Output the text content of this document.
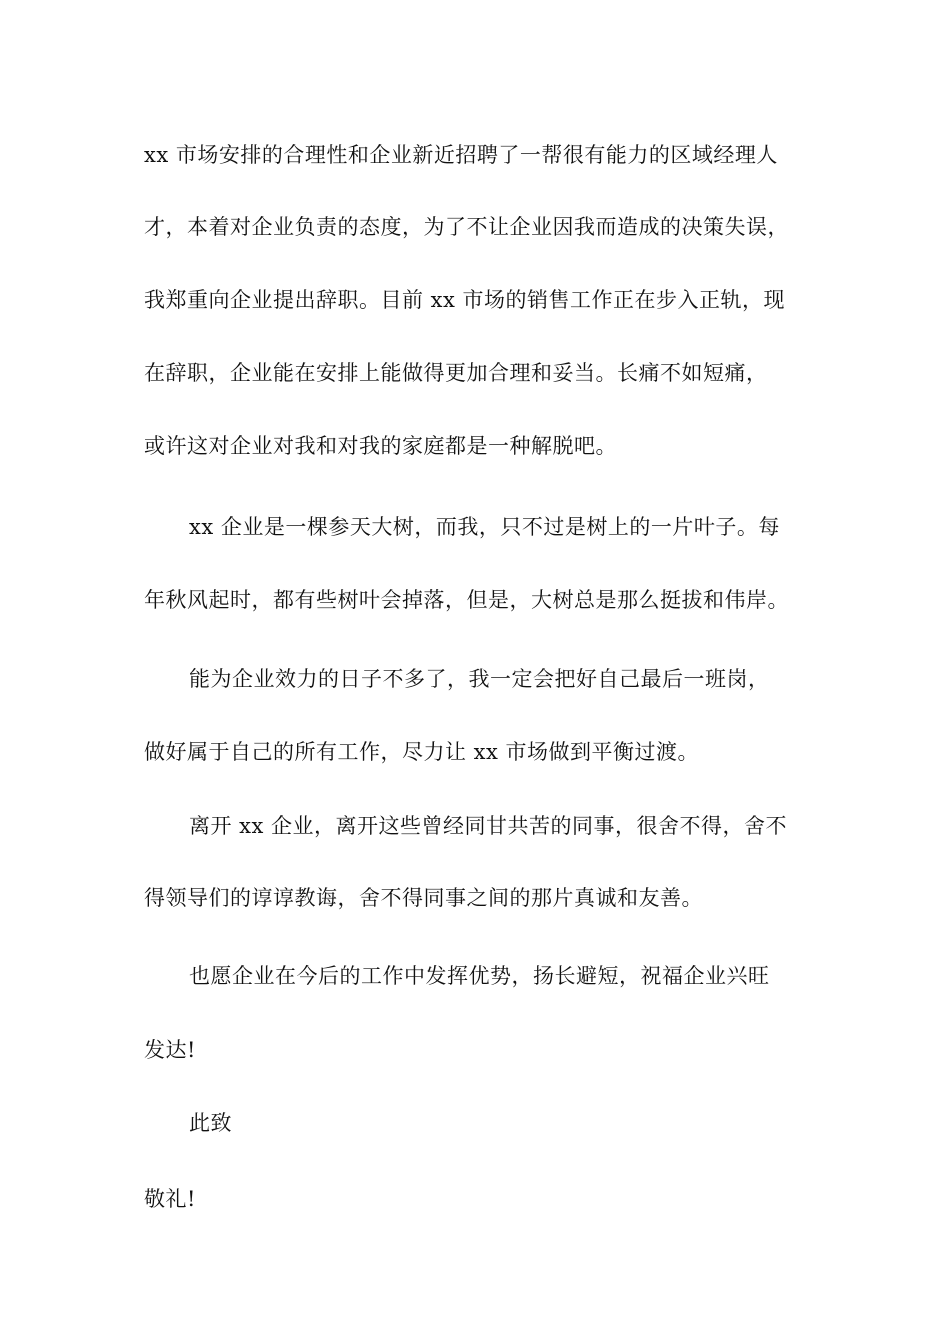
xx 市场安排的合理性和企业新近招聘了一帮很有能力的区域经理人
才，本着对企业负责的态度，为了不让企业因我而造成的决策失误，
我郑重向企业提出辞职。目前 xx 市场的销售工作正在步入正轨，现
在辞职，企业能在安排上能做得更加合理和妥当。长痛不如短痛，
或许这对企业对我和对我的家庭都是一种解脱吧。
xx 企业是一棵参天大树，而我，只不过是树上的一片叶子。每
年秋风起时，都有些树叶会掉落，但是，大树总是那么挺拔和伟岸。
能为企业效力的日子不多了，我一定会把好自己最后一班岗，
做好属于自己的所有工作，尽力让 xx 市场做到平衡过渡。
离开 xx 企业，离开这些曾经同甘共苦的同事，很舍不得，舍不
得领导们的谆谆教诲，舍不得同事之间的那片真诚和友善。
也愿企业在今后的工作中发挥优势，扬长避短，祝福企业兴旺
发达!
此致
敬礼!
